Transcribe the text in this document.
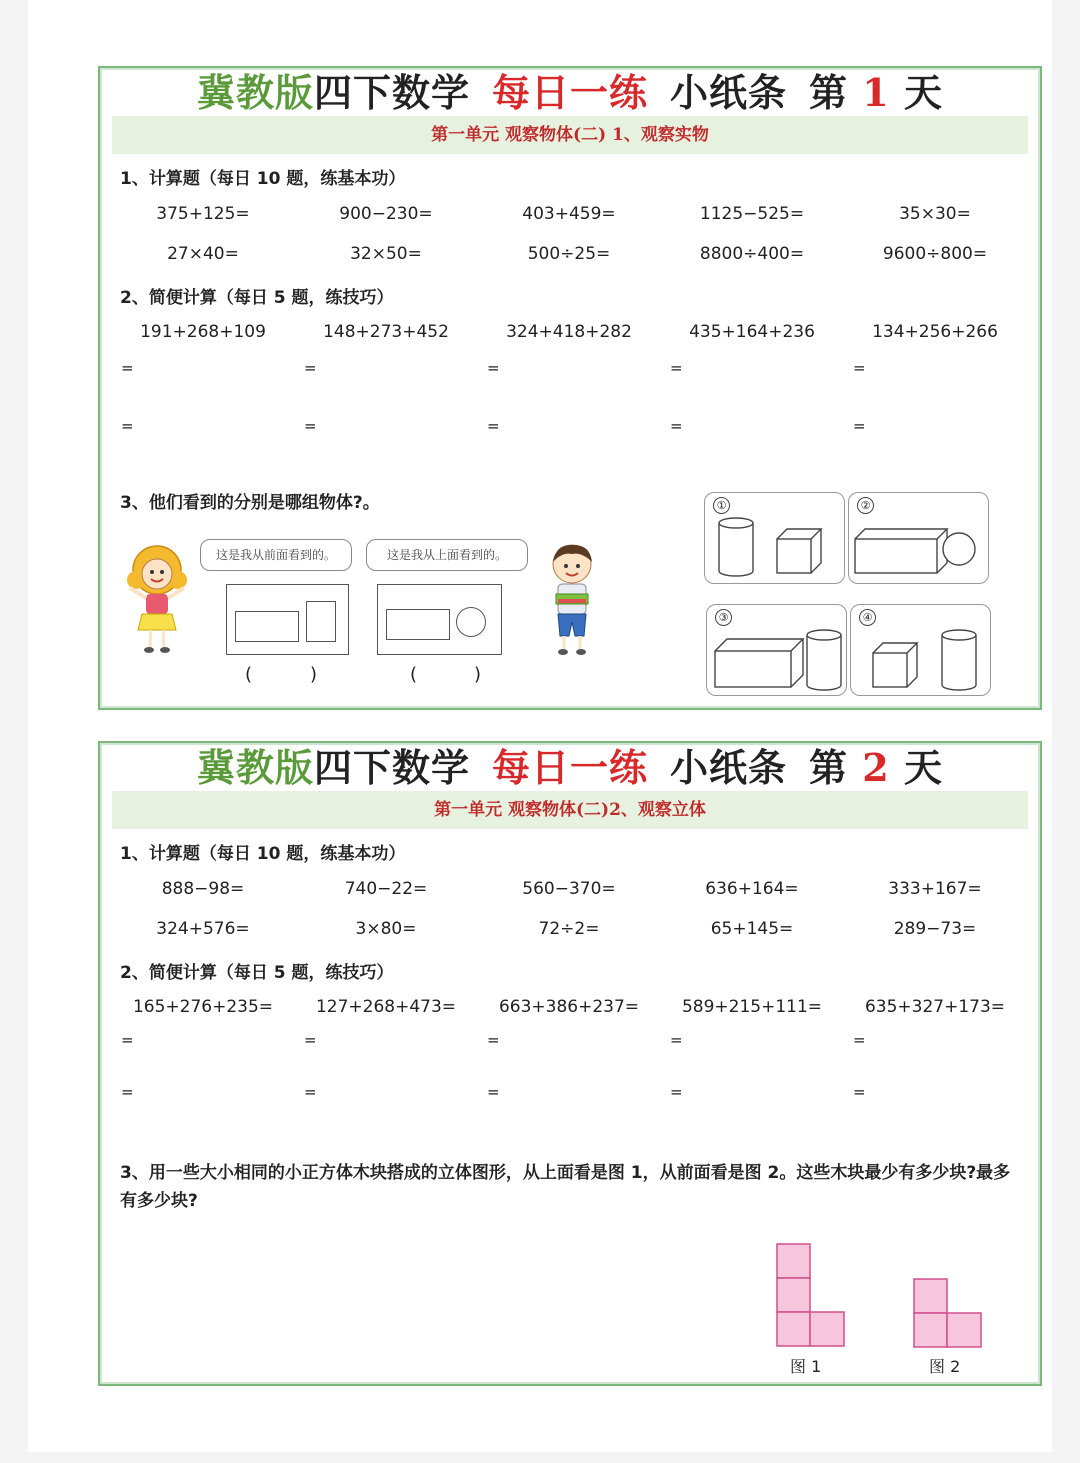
冀教版四下数学 每日一练 小纸条 第 1 天
第一单元 观察物体(二) 1、观察实物
1、计算题（每日 10 题，练基本功）
375+125=	900−230=	403+459=	1125−525=	35×30=
27×40=	32×50=	500÷25=	8800÷400=	9600÷800=
2、简便计算（每日 5 题，练技巧）
191+268+109	148+273+452	324+418+282	435+164+236	134+256+266
=	=	=	=	=
=	=	=	=	=
3、他们看到的分别是哪组物体?。
这是我从前面看到的。	这是我从上面看到的。
(	)	(	)
①	②
③	④
冀教版四下数学 每日一练 小纸条 第 2 天
第一单元 观察物体(二)2、观察立体
1、计算题（每日 10 题，练基本功）
888−98=	740−22=	560−370=	636+164=	333+167=
324+576=	3×80=	72÷2=	65+145=	289−73=
2、简便计算（每日 5 题，练技巧）
165+276+235=	127+268+473=	663+386+237=	589+215+111=	635+327+173=
=	=	=	=	=
=	=	=	=	=
3、用一些大小相同的小正方体木块搭成的立体图形，从上面看是图 1，从前面看是图 2。这些木块最少有多少块?最多有多少块?
图 1	图 2
